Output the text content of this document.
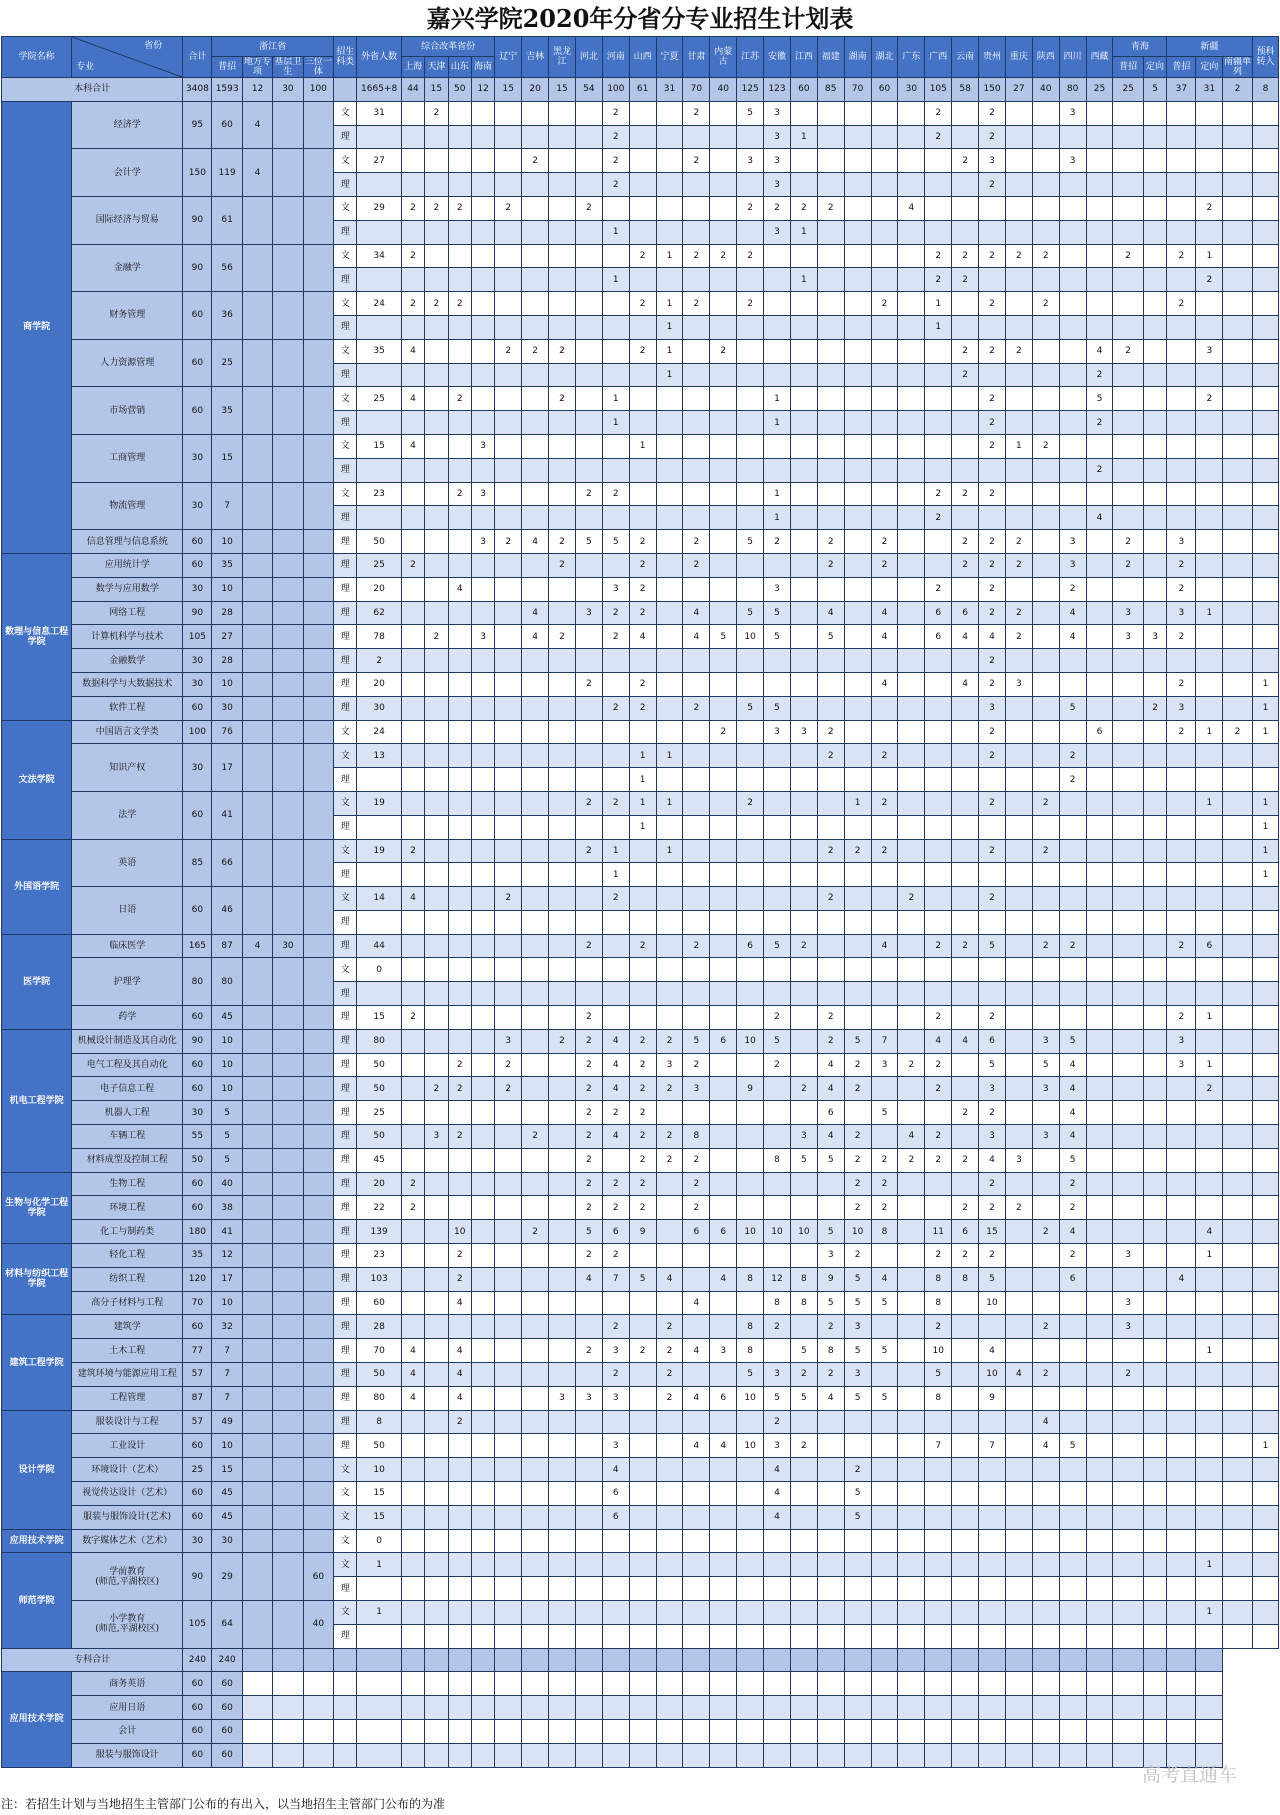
嘉兴学院2020年分省分专业招生计划表
学院名称	省份
专业	合计	浙江省				招生科类	外省人数	综合改革省份				辽宁	吉林	黑龙江	河北	河南	山西	宁夏	甘肃	内蒙古	江苏	安徽	江西	福建	湖南	湖北	广东	广西	云南	贵州	重庆	陕西	四川	西藏	青海		新疆			预科转入
			普招	地方专项	基层卫生	三位一体			上海	天津	山东	海南																								普招	定向	普招	定向	南疆单列	
本科合计		3408	1593	12	30	100		1665+8	44	15	50	12	15	20	15	54	100	61	31	70	40	125	123	60	85	70	60	30	105	58	150	27	40	80	25	25	5	37	31	2	8
商学院	经济学	95	60	4			文	31		2							2			2		5	3						2		2			3							
							理										2						3	1					2		2										
	会计学	150	119	4			文	27						2			2			2		3	3							2	3			3							
							理										2						3								2										
	国际经济与贸易	90	61				文	29	2	2	2		2			2						2	2	2	2			4											2		
							理										1						3	1																	
	金融学	90	56				文	34	2									2	1	2	2	2							2	2	2	2	2			2		2	1		
							理										1							1					2	2									2		
	财务管理	60	36				文	24	2	2	2							2	1	2		2					2		1		2		2					2			
							理												1										1												
	人力资源管理	60	25				文	35	4				2	2	2			2	1		2									2	2	2			4	2			3		
							理												1											2					2						
	市场营销	60	35				文	25	4		2				2		1						1								2				5				2		
							理										1						1								2				2						
	工商管理	30	15				文	15	4			3						1													2	1	2								
							理																												2						
	物流管理	30	7				文	23			2	3				2	2						1						2	2	2										
							理																1						2						4						
	信息管理与信息系统	60	10				理	50				3	2	4	2	5	5	2		2		5	2		2		2			2	2	2		3		2		3			
数理与信息工程学院	应用统计学	60	35				理	25	2						2			2		2					2		2			2	2	2		3		2		2			
	数学与应用数学	30	10				理	20			4						3	2					3						2		2			2				2			
	网络工程	90	28				理	62						4		3	2	2		4		5	5		4		4		6	6	2	2		4		3		3	1		
	计算机科学与技术	105	27				理	78		2		3		4	2		2	4		4	5	10	5		5		4		6	4	4	2		4		3	3	2			
	金融数学	30	28				理	2																							2										
	数据科学与大数据技术	30	10				理	20								2		2									4			4	2	3						2			1
	软件工程	60	30				理	30									2	2		2		5	5								3			5			2	3			1
文法学院	中国语言文学类	100	76				文	24													2		3	3	2						2				6			2	1	2	1
	知识产权	30	17				文	13										1	1						2		2				2			2							
							理											1																2							
	法学	60	41				文	19								2	2	1	1			2				1	2				2		2						1		1
							理											1																							1
外国语学院	英语	85	66				文	19	2							2	1		1						2	2	2				2		2								1
							理										1																								1
	日语	60	46				文	14	4				2				2								2			2			2										
							理																																		
医学院	临床医学	165	87	4	30		理	44								2		2		2		6	5	2			4		2	2	5		2	2				2	6		
	护理学	80	80				文	0																																	
							理																																		
	药学	60	45				理	15	2							2							2		2				2		2							2	1		
机电工程学院	机械设计制造及其自动化	90	10				理	80					3		2	2	4	2	2	5	6	10	5		2	5	7		4	4	6		3	5				3			
	电气工程及其自动化	60	10				理	50			2		2			2	4	2	3	2			2		4	2	3	2	2		5		5	4				3	1		
	电子信息工程	60	10				理	50		2	2		2			2	4	2	2	3		9		2	4	2			2		3		3	4					2		
	机器人工程	30	5				理	25								2	2	2							6		5			2	2			4							
	车辆工程	55	5				理	50		3	2			2		2	4	2	2	8				3	4	2		4	2		3		3	4							
	材料成型及控制工程	50	5				理	45								2		2	2	2			8	5	5	2	2	2	2	2	4	3		5							
生物与化学工程学院	生物工程	60	40				理	20	2							2	2	2		2						2	2				2			2							
	环境工程	60	38				理	22	2							2	2	2		2						2	2			2	2	2		2							
	化工与制药类	180	41				理	139			10			2		5	6	9		6	6	10	10	10	5	10	8		11	6	15		2	4					4		
材料与纺织工程学院	轻化工程	35	12				理	23			2					2	2								3	2			2	2	2			2		3			1		
	纺织工程	120	17				理	103			2					4	7	5	4		4	8	12	8	9	5	4		8	8	5			6				4			
	高分子材料与工程	70	10				理	60			4									4			8	8	5	5	5		8		10					3					
建筑工程学院	建筑学	60	32				理	28									2		2			8	2		2	3			2				2			3					
	土木工程	77	7				理	70	4		4					2	3	2	2	4	3	8		5	8	5	5		10		4								1		
	建筑环境与能源应用工程	57	7				理	50	4		4						2		2			5	3	2	2	3			5		10	4	2			2					
	工程管理	87	7				理	80	4		4				3	3	3		2	4	6	10	5	5	4	5	5		8		9										
设计学院	服装设计与工程	57	49				理	8			2												2										4								
	工业设计	60	10				理	50									3			4	4	10	3	2					7		7		4	5							1
	环境设计（艺术）	25	15				文	10									4						4			2															
	视觉传达设计（艺术）	60	45				文	15									6						4			5															
	服装与服饰设计(艺术)	60	45				文	15									6						4			5															
应用技术学院	数字媒体艺术（艺术）	30	30				文	0																																	
师范学院	学前教育
(师范,平湖校区)	90	29			60	文	1																															1		
							理																																		
	小学教育
(师范,平湖校区)	105	64			40	文	1																															1		
							理																																		
专科合计		240	240																																						
应用技术学院	商务英语	60	60																																						
	应用日语	60	60																																						
	会计	60	60																																						
	服装与服饰设计	60	60																																						
注：若招生计划与当地招生主管部门公布的有出入，以当地招生主管部门公布的为准
高考直通车
